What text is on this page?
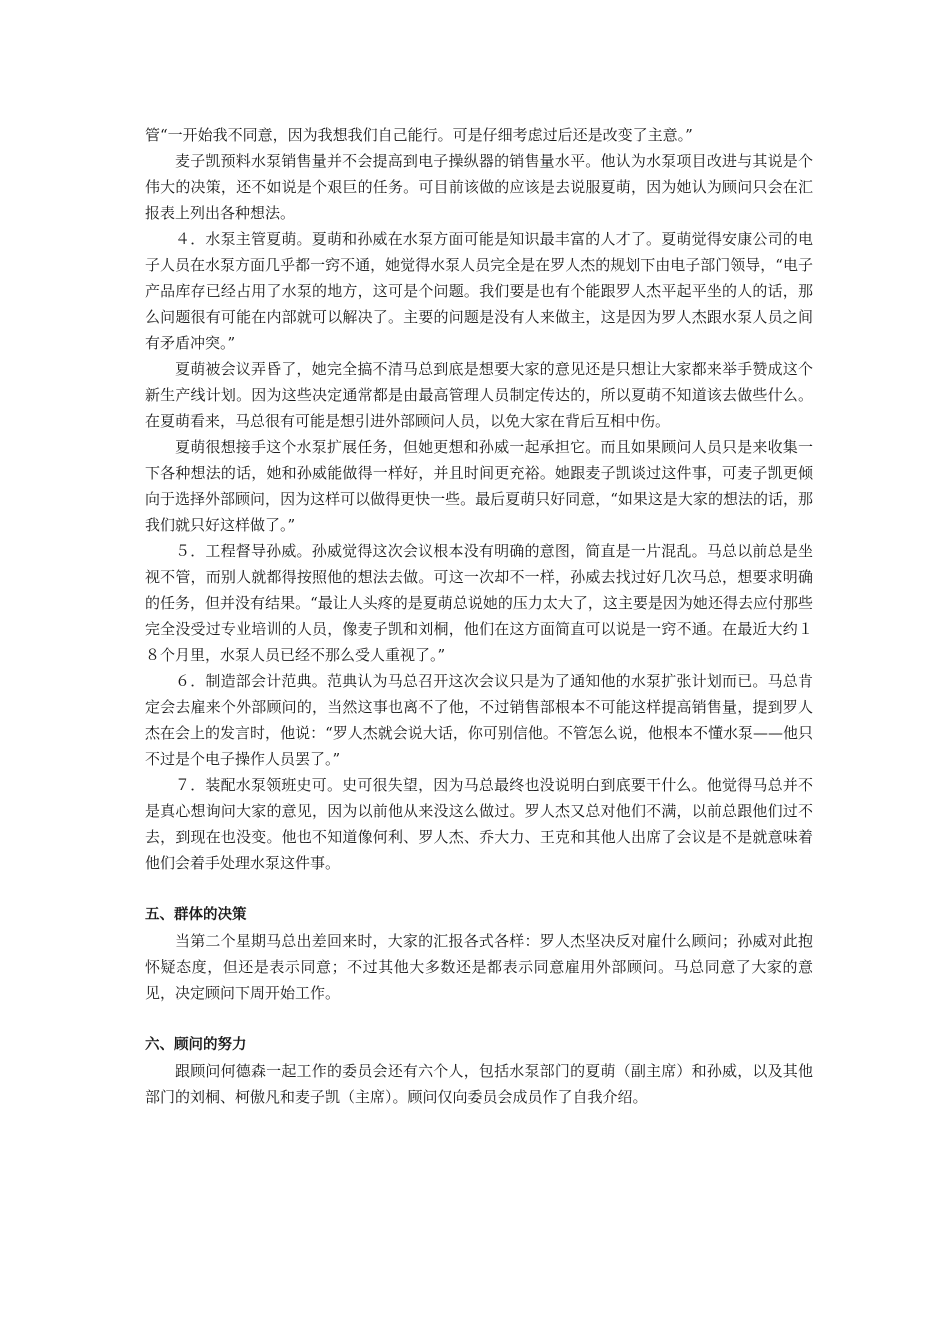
管“一开始我不同意，因为我想我们自己能行。可是仔细考虑过后还是改变了主意。”

麦子凯预料水泵销售量并不会提高到电子操纵器的销售量水平。他认为水泵项目改进与其说是个伟大的决策，还不如说是个艰巨的任务。可目前该做的应该是去说服夏萌，因为她认为顾问只会在汇报表上列出各种想法。

４．水泵主管夏萌。夏萌和孙威在水泵方面可能是知识最丰富的人才了。夏萌觉得安康公司的电子人员在水泵方面几乎都一窍不通，她觉得水泵人员完全是在罗人杰的规划下由电子部门领导，“电子产品库存已经占用了水泵的地方，这可是个问题。我们要是也有个能跟罗人杰平起平坐的人的话，那么问题很有可能在内部就可以解决了。主要的问题是没有人来做主，这是因为罗人杰跟水泵人员之间有矛盾冲突。”

夏萌被会议弄昏了，她完全搞不清马总到底是想要大家的意见还是只想让大家都来举手赞成这个新生产线计划。因为这些决定通常都是由最高管理人员制定传达的，所以夏萌不知道该去做些什么。在夏萌看来，马总很有可能是想引进外部顾问人员，以免大家在背后互相中伤。

夏萌很想接手这个水泵扩展任务，但她更想和孙威一起承担它。而且如果顾问人员只是来收集一下各种想法的话，她和孙威能做得一样好，并且时间更充裕。她跟麦子凯谈过这件事，可麦子凯更倾向于选择外部顾问，因为这样可以做得更快一些。最后夏萌只好同意，“如果这是大家的想法的话，那我们就只好这样做了。”

５．工程督导孙威。孙威觉得这次会议根本没有明确的意图，简直是一片混乱。马总以前总是坐视不管，而别人就都得按照他的想法去做。可这一次却不一样，孙威去找过好几次马总，想要求明确的任务，但并没有结果。“最让人头疼的是夏萌总说她的压力太大了，这主要是因为她还得去应付那些完全没受过专业培训的人员，像麦子凯和刘桐，他们在这方面简直可以说是一窍不通。在最近大约１８个月里，水泵人员已经不那么受人重视了。”

６．制造部会计范典。范典认为马总召开这次会议只是为了通知他的水泵扩张计划而已。马总肯定会去雇来个外部顾问的，当然这事也离不了他，不过销售部根本不可能这样提高销售量，提到罗人杰在会上的发言时，他说：“罗人杰就会说大话，你可别信他。不管怎么说，他根本不懂水泵——他只不过是个电子操作人员罢了。”

７．装配水泵领班史可。史可很失望，因为马总最终也没说明白到底要干什么。他觉得马总并不是真心想询问大家的意见，因为以前他从来没这么做过。罗人杰又总对他们不满，以前总跟他们过不去，到现在也没变。他也不知道像何利、罗人杰、乔大力、王克和其他人出席了会议是不是就意味着他们会着手处理水泵这件事。

五、群体的决策

当第二个星期马总出差回来时，大家的汇报各式各样：罗人杰坚决反对雇什么顾问；孙威对此抱怀疑态度，但还是表示同意；不过其他大多数还是都表示同意雇用外部顾问。马总同意了大家的意见，决定顾问下周开始工作。

六、顾问的努力

跟顾问何德森一起工作的委员会还有六个人，包括水泵部门的夏萌（副主席）和孙威，以及其他部门的刘桐、柯傲凡和麦子凯（主席）。顾问仅向委员会成员作了自我介绍。
